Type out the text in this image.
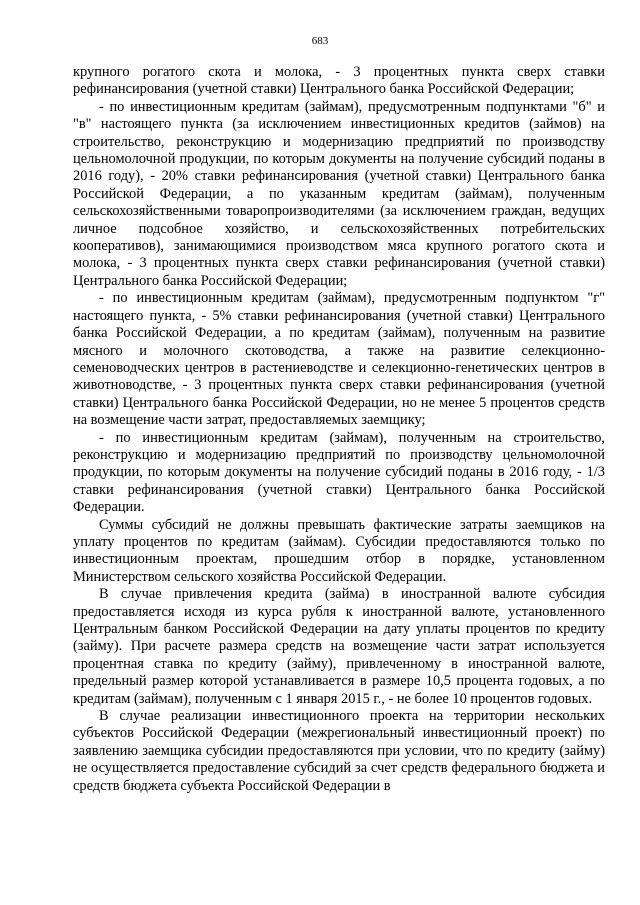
683

крупного рогатого скота и молока, - 3 процентных пункта сверх ставки рефинансирования (учетной ставки) Центрального банка Российской Федерации;

- по инвестиционным кредитам (займам), предусмотренным подпунктами "б" и "в" настоящего пункта (за исключением инвестиционных кредитов (займов) на строительство, реконструкцию и модернизацию предприятий по производству цельномолочной продукции, по которым документы на получение субсидий поданы в 2016 году), - 20% ставки рефинансирования (учетной ставки) Центрального банка Российской Федерации, а по указанным кредитам (займам), полученным сельскохозяйственными товаропроизводителями (за исключением граждан, ведущих личное подсобное хозяйство, и сельскохозяйственных потребительских кооперативов), занимающимися производством мяса крупного рогатого скота и молока, - 3 процентных пункта сверх ставки рефинансирования (учетной ставки) Центрального банка Российской Федерации;

- по инвестиционным кредитам (займам), предусмотренным подпунктом "г" настоящего пункта, - 5% ставки рефинансирования (учетной ставки) Центрального банка Российской Федерации, а по кредитам (займам), полученным на развитие мясного и молочного скотоводства, а также на развитие селекционно-семеноводческих центров в растениеводстве и селекционно-генетических центров в животноводстве, - 3 процентных пункта сверх ставки рефинансирования (учетной ставки) Центрального банка Российской Федерации, но не менее 5 процентов средств на возмещение части затрат, предоставляемых заемщику;

- по инвестиционным кредитам (займам), полученным на строительство, реконструкцию и модернизацию предприятий по производству цельномолочной продукции, по которым документы на получение субсидий поданы в 2016 году, - 1/3 ставки рефинансирования (учетной ставки) Центрального банка Российской Федерации.

Суммы субсидий не должны превышать фактические затраты заемщиков на уплату процентов по кредитам (займам). Субсидии предоставляются только по инвестиционным проектам, прошедшим отбор в порядке, установленном Министерством сельского хозяйства Российской Федерации.

В случае привлечения кредита (займа) в иностранной валюте субсидия предоставляется исходя из курса рубля к иностранной валюте, установленного Центральным банком Российской Федерации на дату уплаты процентов по кредиту (займу). При расчете размера средств на возмещение части затрат используется процентная ставка по кредиту (займу), привлеченному в иностранной валюте, предельный размер которой устанавливается в размере 10,5 процента годовых, а по кредитам (займам), полученным с 1 января 2015 г., - не более 10 процентов годовых.

В случае реализации инвестиционного проекта на территории нескольких субъектов Российской Федерации (межрегиональный инвестиционный проект) по заявлению заемщика субсидии предоставляются при условии, что по кредиту (займу) не осуществляется предоставление субсидий за счет средств федерального бюджета и средств бюджета субъекта Российской Федерации в
